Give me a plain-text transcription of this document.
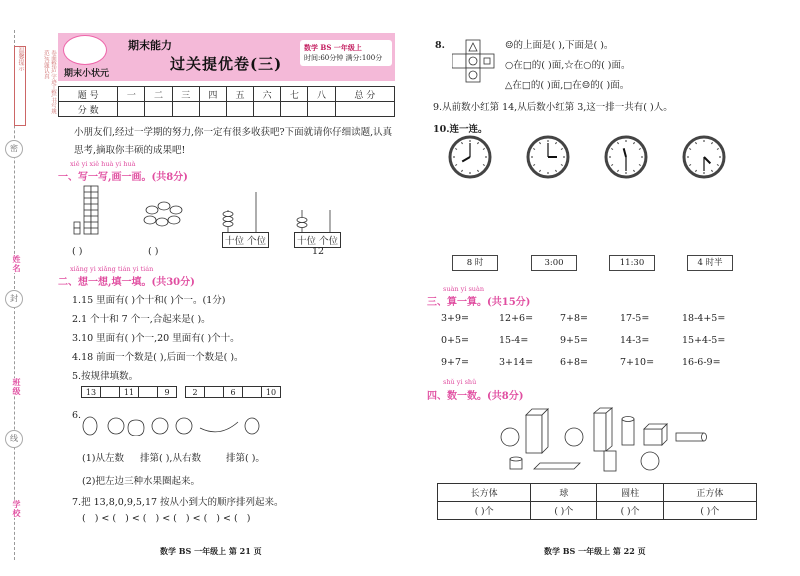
温馨提示
密
姓名
封
班级
线
学校
卷面整洁,字迹工整,书写规范,答题认真
期末能力
过关提优卷(三)
期末小状元
数学 BS 一年级上
时间:60分钟 满分:100分
题 号	一	二	三	四	五	六	七	八	总 分
分 数									
小朋友们,经过一学期的努力,你一定有很多收获吧?下面就请你仔细读题,认真思考,摘取你丰硕的成果吧!
xiě yi xiě huà yi huà
一、写一写,画一画。(共8分)
( )	( )
十位 个位	十位 个位
12
xiǎng yi xiǎng tián yi tián
二、想一想,填一填。(共30分)
1.15 里面有( )个十和( )个一。(1分)
2.1 个十和 7 个一,合起来是( )。
3.10 里面有( )个一,20 里面有( )个十。
4.18 前面一个数是( ),后面一个数是( )。
5.按规律填数。
13	11	9	2	6	10
6.
(1)从左数 排第( ),从右数	排第( )。
(2)把左边三种水果圈起来。
7.把 13,8,0,9,5,17 按从小到大的顺序排列起来。
( )<( )<( )<( )<( )<( )
数学 BS 一年级上 第 21 页
8.	☺的上面是( ),下面是( )。
○在□的( )面,☆在○的( )面。
△在□的( )面,□在☺的( )面。
9.从前数小红第 14,从后数小红第 3,这一排一共有( )人。
10.连一连。
8 时	3:00	11:30	4 时半
suàn yi suàn
三、算一算。(共15分)
3+9=	12+6=	7+8=	17-5=	18-4+5=
0+5=	15-4=	9+5=	14-3=	15+4-5=
9+7=	3+14=	6+8=	7+10=	16-6-9=
shǔ yi shǔ
四、数一数。(共8分)
长方体	球	圆柱	正方体
( )个	( )个	( )个	( )个
数学 BS 一年级上 第 22 页
